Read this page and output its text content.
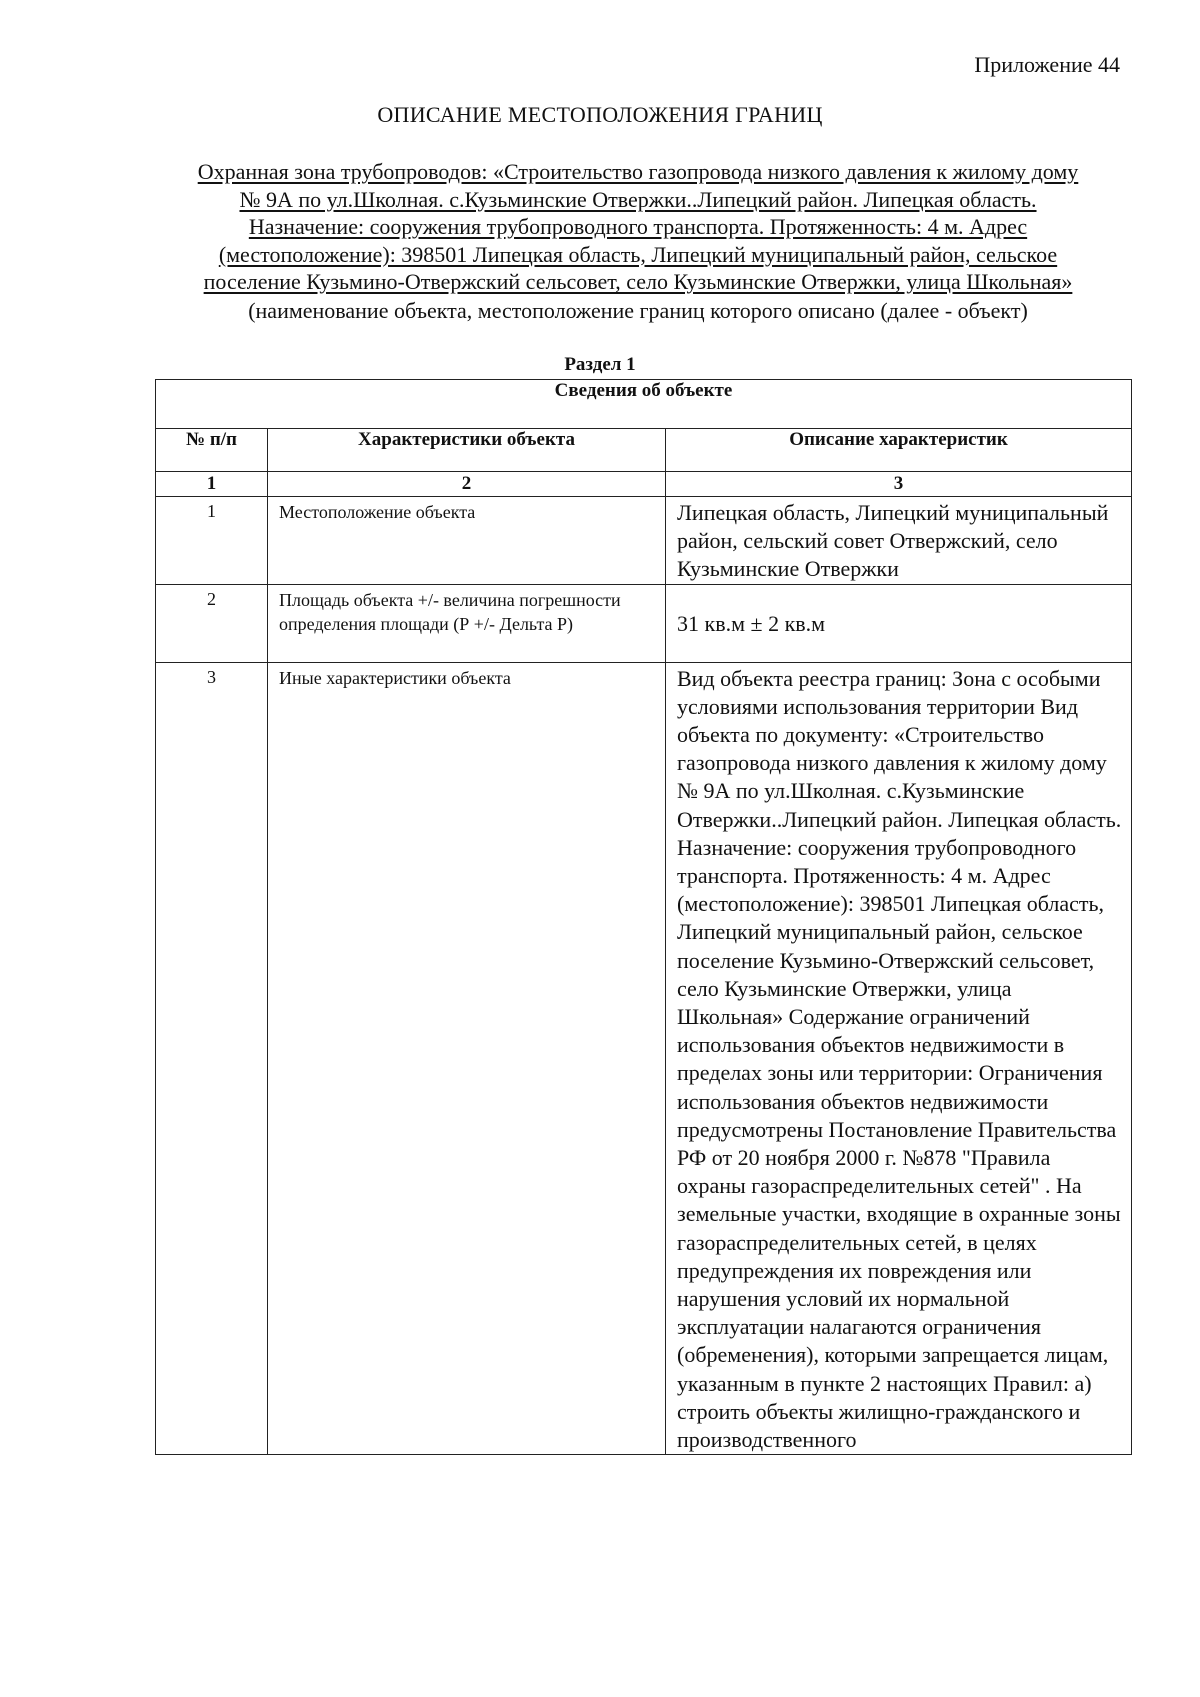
Приложение 44
ОПИСАНИЕ МЕСТОПОЛОЖЕНИЯ ГРАНИЦ
Охранная зона трубопроводов: «Строительство газопровода низкого давления к жилому дому
№ 9А по ул.Школная. с.Кузьминские Отвержки..Липецкий район. Липецкая область.
Назначение: сооружения трубопроводного транспорта. Протяженность: 4 м. Адрес
(местоположение): 398501 Липецкая область, Липецкий муниципальный район, сельское
поселение Кузьмино-Отвержский сельсовет, село Кузьминские Отвержки, улица Школьная»
(наименование объекта, местоположение границ которого описано (далее - объект)
Раздел 1
Сведения об объекте		
№ п/п	Характеристики объекта	Описание характеристик
1	2	3
1	Местоположение объекта	Липецкая область, Липецкий муниципальный район, сельский совет Отвержский, село Кузьминские Отвержки
2	Площадь объекта +/- величина погрешности определения площади (Р +/- Дельта Р)	31 кв.м ± 2 кв.м
3	Иные характеристики объекта	Вид объекта реестра границ: Зона с особыми условиями использования территории Вид объекта по документу: «Строительство газопровода низкого давления к жилому дому № 9А по ул.Школная. с.Кузьминские Отвержки..Липецкий район. Липецкая область. Назначение: сооружения трубопроводного транспорта. Протяженность: 4 м. Адрес (местоположение): 398501 Липецкая область, Липецкий муниципальный район, сельское поселение Кузьмино-Отвержский сельсовет, село Кузьминские Отвержки, улица Школьная» Содержание ограничений использования объектов недвижимости в пределах зоны или территории: Ограничения использования объектов недвижимости предусмотрены Постановление Правительства РФ от 20 ноября 2000 г. №878 "Правила охраны газораспределительных сетей" . На земельные участки, входящие в охранные зоны газораспределительных сетей, в целях предупреждения их повреждения или нарушения условий их нормальной эксплуатации налагаются ограничения (обременения), которыми запрещается лицам, указанным в пункте 2 настоящих Правил: а) строить объекты жилищно-гражданского и производственного
